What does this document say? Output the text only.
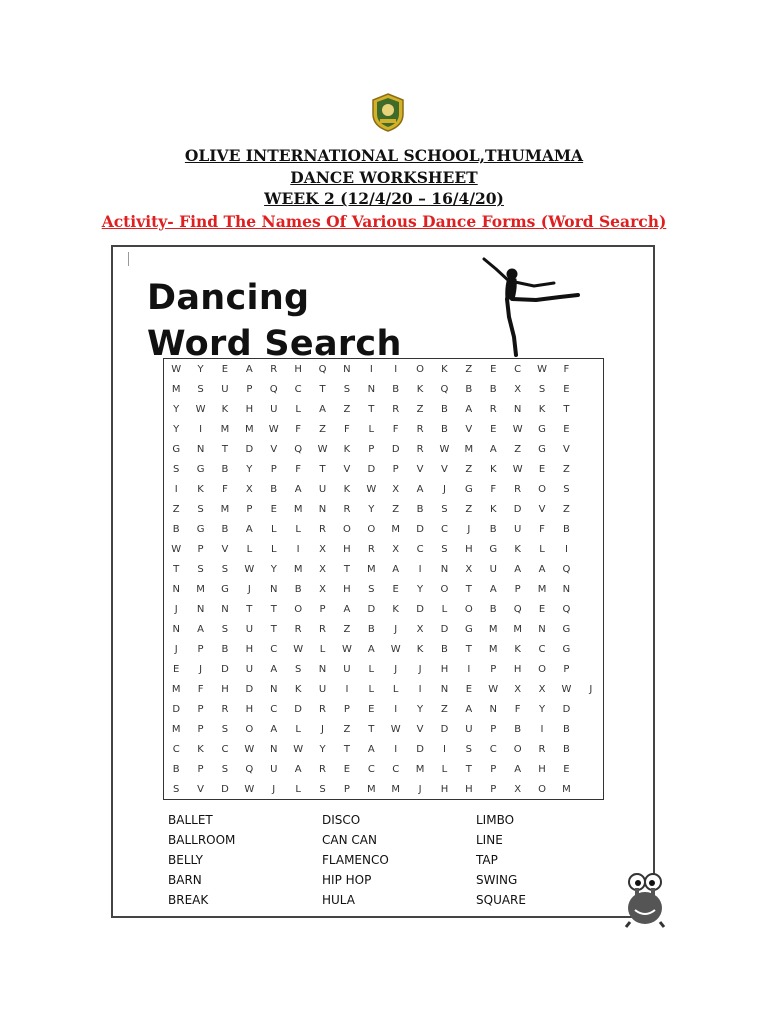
OLIVE INTERNATIONAL SCHOOL,THUMAMA
DANCE WORKSHEET
WEEK 2 (12/4/20 – 16/4/20)
Activity- Find The Names Of Various Dance Forms (Word Search)
Dancing
Word Search
W	Y	E	A	R	H	Q	N	I	I	O	K	Z	E	C	W	F
M	S	U	P	Q	C	T	S	N	B	K	Q	B	B	X	S	E
Y	W	K	H	U	L	A	Z	T	R	Z	B	A	R	N	K	T
Y	I	M	M	W	F	Z	F	L	F	R	B	V	E	W	G	E
G	N	T	D	V	Q	W	K	P	D	R	W	M	A	Z	G	V
S	G	B	Y	P	F	T	V	D	P	V	V	Z	K	W	E	Z
I	K	F	X	B	A	U	K	W	X	A	J	G	F	R	O	S
Z	S	M	P	E	M	N	R	Y	Z	B	S	Z	K	D	V	Z
B	G	B	A	L	L	R	O	O	M	D	C	J	B	U	F	B
W	P	V	L	L	I	X	H	R	X	C	S	H	G	K	L	I
T	S	S	W	Y	M	X	T	M	A	I	N	X	U	A	A	Q
N	M	G	J	N	B	X	H	S	E	Y	O	T	A	P	M	N
J	N	N	T	T	O	P	A	D	K	D	L	O	B	Q	E	Q
N	A	S	U	T	R	R	Z	B	J	X	D	G	M	M	N	G
J	P	B	H	C	W	L	W	A	W	K	B	T	M	K	C	G
E	J	D	U	A	S	N	U	L	J	J	H	I	P	H	O	P
M	F	H	D	N	K	U	I	L	L	I	N	E	W	X	X	W	J
D	P	R	H	C	D	R	P	E	I	Y	Z	A	N	F	Y	D
M	P	S	O	A	L	J	Z	T	W	V	D	U	P	B	I	B
C	K	C	W	N	W	Y	T	A	I	D	I	S	C	O	R	B
B	P	S	Q	U	A	R	E	C	C	M	L	T	P	A	H	E
S	V	D	W	J	L	S	P	M	M	J	H	H	P	X	O	M
BALLET
BALLROOM
BELLY
BARN
BREAK
DISCO
CAN CAN
FLAMENCO
HIP HOP
HULA
LIMBO
LINE
TAP
SWING
SQUARE
